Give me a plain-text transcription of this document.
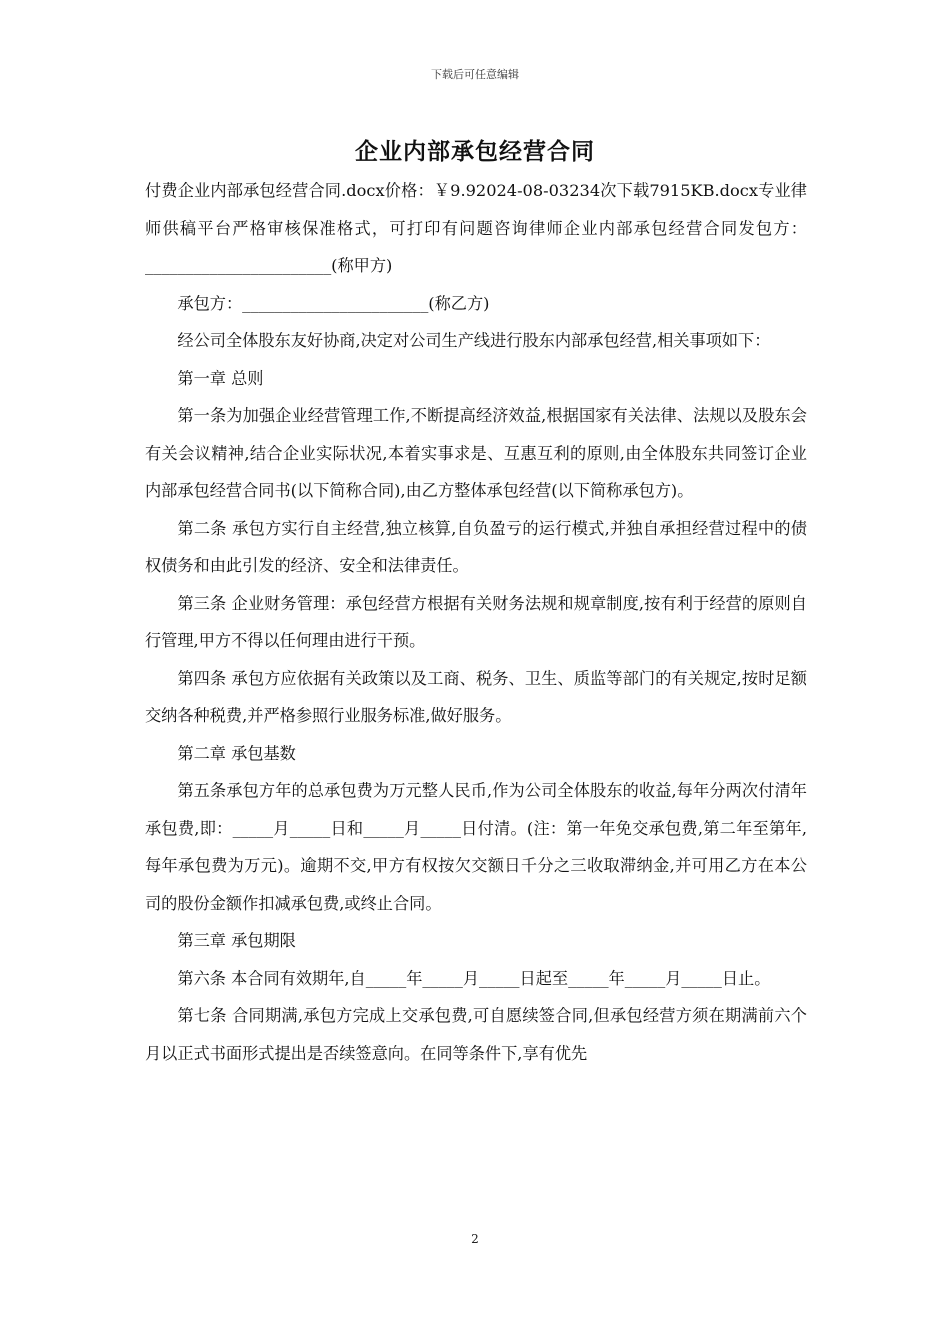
下载后可任意编辑
企业内部承包经营合同

付费企业内部承包经营合同.docx价格：￥9.92024-08-03234次下载7915KB.docx专业律师供稿平台严格审核保准格式，可打印有问题咨询律师企业内部承包经营合同发包方：_______________________(称甲方)

承包方：_______________________(称乙方)

经公司全体股东友好协商,决定对公司生产线进行股东内部承包经营,相关事项如下：

第一章 总则

第一条为加强企业经营管理工作,不断提高经济效益,根据国家有关法律、法规以及股东会有关会议精神,结合企业实际状况,本着实事求是、互惠互利的原则,由全体股东共同签订企业内部承包经营合同书(以下简称合同),由乙方整体承包经营(以下简称承包方)。

第二条 承包方实行自主经营,独立核算,自负盈亏的运行模式,并独自承担经营过程中的债权债务和由此引发的经济、安全和法律责任。

第三条 企业财务管理：承包经营方根据有关财务法规和规章制度,按有利于经营的原则自行管理,甲方不得以任何理由进行干预。

第四条 承包方应依据有关政策以及工商、税务、卫生、质监等部门的有关规定,按时足额交纳各种税费,并严格参照行业服务标准,做好服务。

第二章 承包基数

第五条承包方年的总承包费为万元整人民币,作为公司全体股东的收益,每年分两次付清年承包费,即：_____月_____日和_____月_____日付清。(注：第一年免交承包费,第二年至第年,每年承包费为万元)。逾期不交,甲方有权按欠交额日千分之三收取滞纳金,并可用乙方在本公司的股份金额作扣减承包费,或终止合同。

第三章 承包期限

第六条 本合同有效期年,自_____年_____月_____日起至_____年_____月_____日止。

第七条 合同期满,承包方完成上交承包费,可自愿续签合同,但承包经营方须在期满前六个月以正式书面形式提出是否续签意向。在同等条件下,享有优先

2
